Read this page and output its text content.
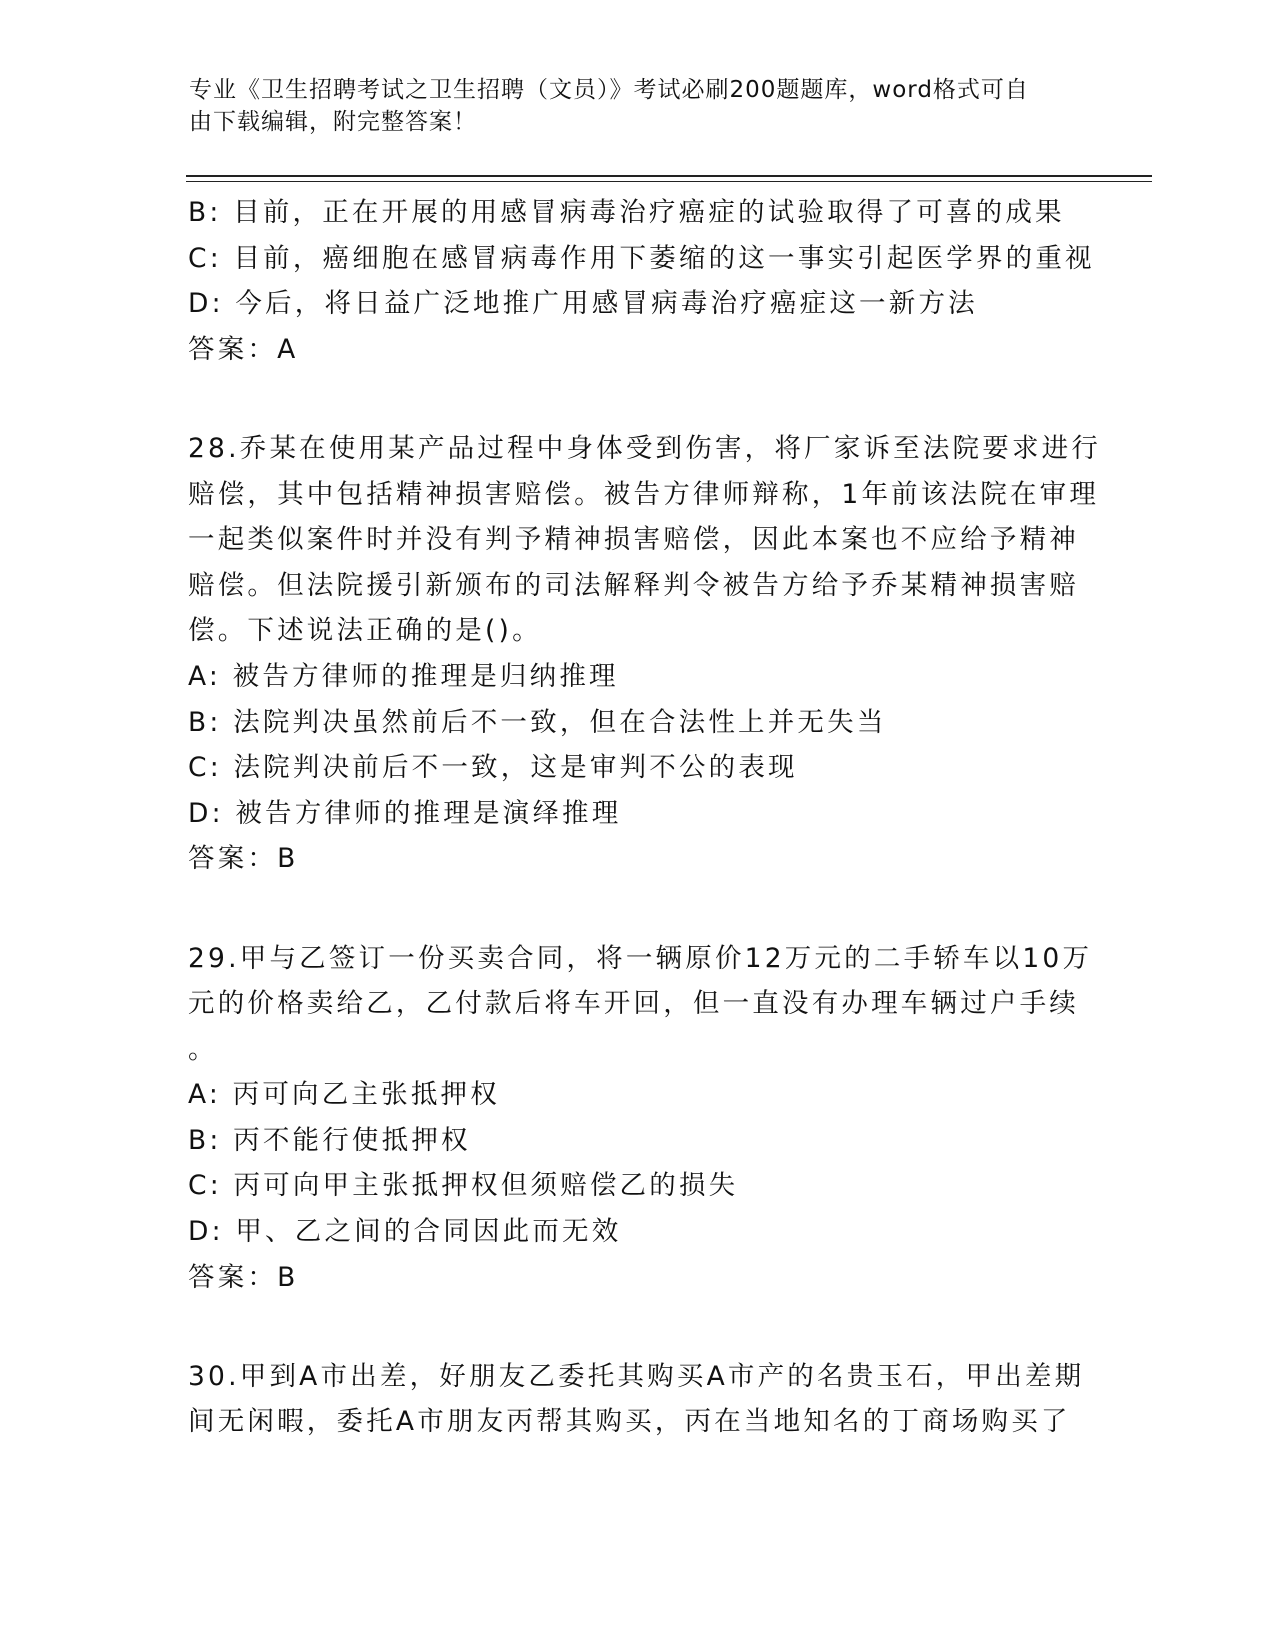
专业《卫生招聘考试之卫生招聘（文员）》考试必刷200题题库，word格式可自
由下载编辑，附完整答案！
B: 目前，正在开展的用感冒病毒治疗癌症的试验取得了可喜的成果
C: 目前，癌细胞在感冒病毒作用下萎缩的这一事实引起医学界的重视
D: 今后，将日益广泛地推广用感冒病毒治疗癌症这一新方法
答案：A
28.乔某在使用某产品过程中身体受到伤害，将厂家诉至法院要求进行
赔偿，其中包括精神损害赔偿。被告方律师辩称，1年前该法院在审理
一起类似案件时并没有判予精神损害赔偿，因此本案也不应给予精神
赔偿。但法院援引新颁布的司法解释判令被告方给予乔某精神损害赔
偿。下述说法正确的是()。
A: 被告方律师的推理是归纳推理
B: 法院判决虽然前后不一致，但在合法性上并无失当
C: 法院判决前后不一致，这是审判不公的表现
D: 被告方律师的推理是演绎推理
答案：B
29.甲与乙签订一份买卖合同，将一辆原价12万元的二手轿车以10万
元的价格卖给乙，乙付款后将车开回，但一直没有办理车辆过户手续
。
A: 丙可向乙主张抵押权
B: 丙不能行使抵押权
C: 丙可向甲主张抵押权但须赔偿乙的损失
D: 甲、乙之间的合同因此而无效
答案：B
30.甲到A市出差，好朋友乙委托其购买A市产的名贵玉石，甲出差期
间无闲暇，委托A市朋友丙帮其购买，丙在当地知名的丁商场购买了
